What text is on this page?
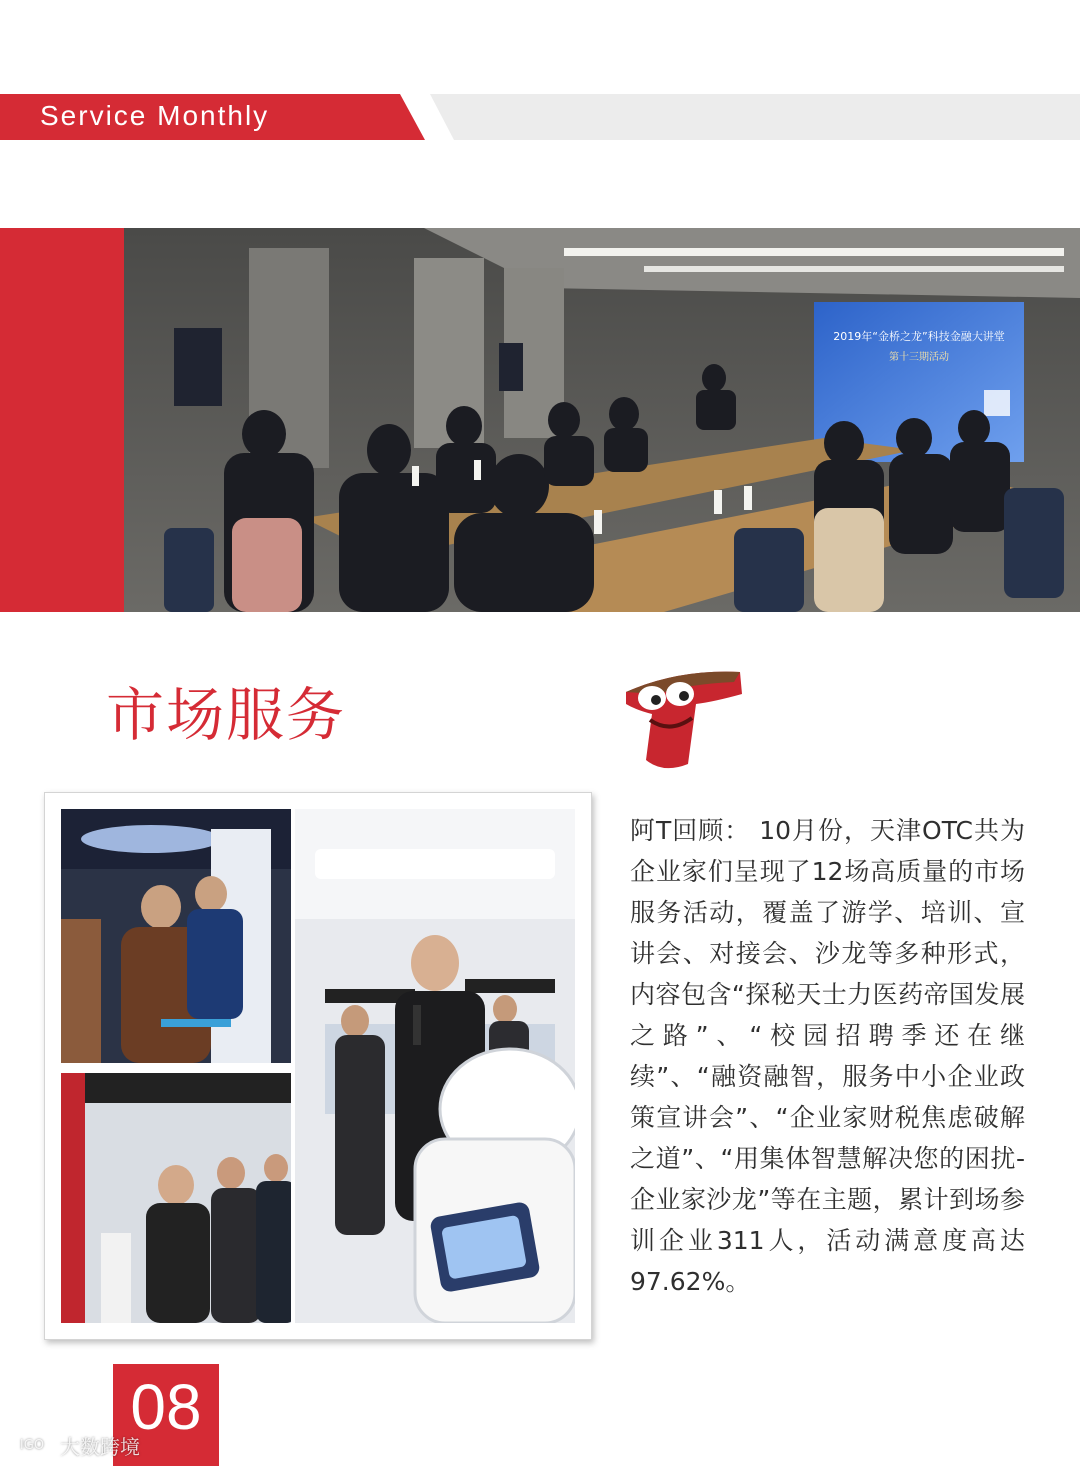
Service Monthly
2019年“金桥之龙”科技金融大讲堂
第十三期活动
市场服务
阿T回顾： 10月份，天津OTC共为企业家们呈现了12场高质量的市场服务活动，覆盖了游学、培训、宣讲会、对接会、沙龙等多种形式，内容包含“探秘天士力医药帝国发展之路”、“校园招聘季还在继续”、“融资融智，服务中小企业政策宣讲会”、“企业家财税焦虑破解之道”、“用集体智慧解决您的困扰-企业家沙龙”等在主题，累计到场参训企业311人，活动满意度高达97.62%。
08
IGO 大数跨境
